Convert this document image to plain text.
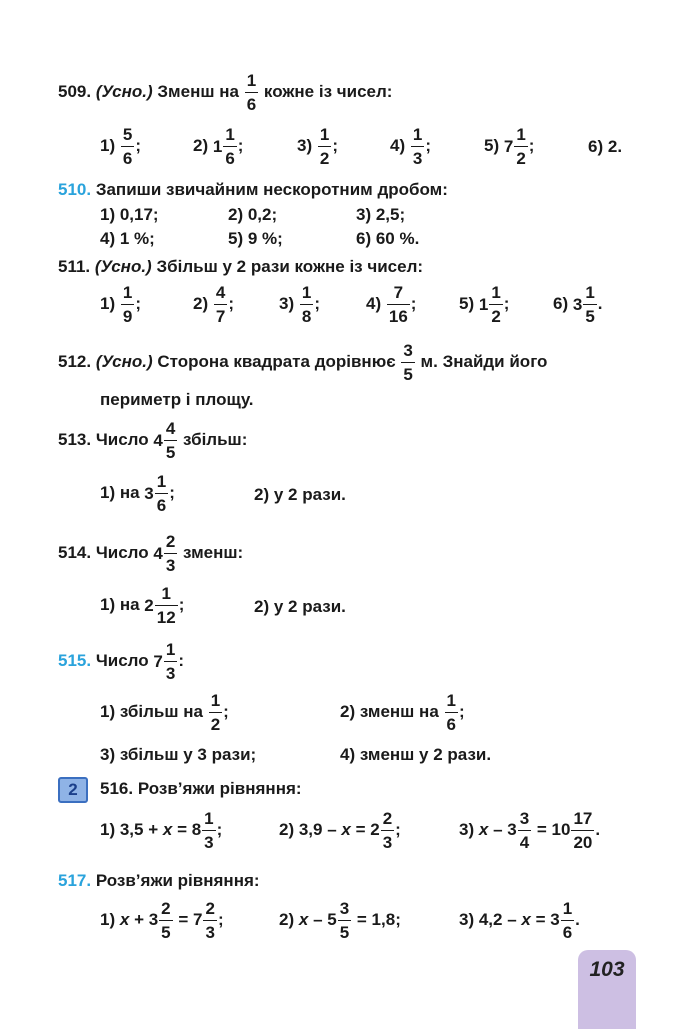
509. (Усно.) Зменш на $\frac{1}{6}$ кожне із чисел:
$1) \frac{5}{6}$ ;	2) $1 \frac{1}{6}$ ;	$3) \frac{1}{2}$ ;	$4) \frac{1}{3}$ ;	5) $7 \frac{1}{2}$ ;	6) 2.
510. Запиши звичайним нескоротним дробом:
1) 0,17;	2) 0,2;	3) 2,5;
4) 1 %;	5) 9 %;	6) 60 %.
511. (Усно.) Збільш у 2 рази кожне із чисел:
$1) \frac{1}{9}$ ;	$2) \frac{4}{7}$ ;	$3) \frac{1}{8}$ ;	$4) \frac{7}{16}$ ;	5) $1 \frac{1}{2}$ ;	6) $3 \frac{1}{5}$ .
512. (Усно.) Сторона квадрата дорівнює $\frac{3}{5} м$. Знайди його
периметр і площу.
513. Число $4 \frac{4}{5}$ збільш:
1) на $3 \frac{1}{6}$ ;	2) у 2 рази.
514. Число $4 \frac{2}{3}$ зменш:
1) на $2 \frac{1}{12}$ ;	2) у 2 рази.
515. Число $7 \frac{1}{3}$ :
1) збільш на $\frac{1}{2}$ ;	2) зменш на $\frac{1}{6}$ ;
3) збільш у 3 рази;	4) зменш у 2 рази.
2	516. Розв’яжи рівняння:
1) $3,5 + x = 8 \frac{1}{3}$ ;	2) $3,9 - x = 2 \frac{2}{3}$ ;	3) $x - 3 \frac{3}{4} = 10 \frac{17}{20}$ .
517. Розв’яжи рівняння:
1) $x + 3 \frac{2}{5} = 7 \frac{2}{3}$ ;	2) $x - 5 \frac{3}{5} = 1,8$;	3) $4,2 - x = 3 \frac{1}{6}$ .
103
